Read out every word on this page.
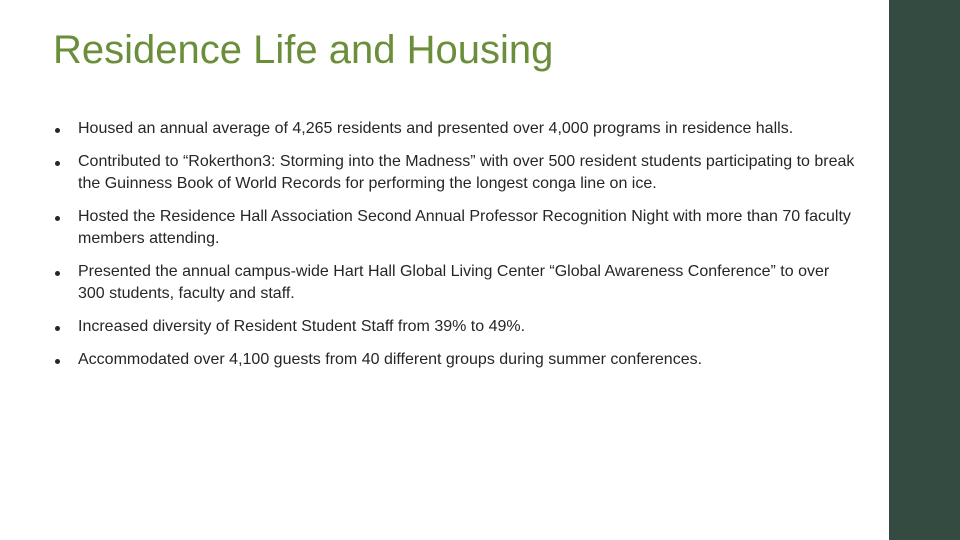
Residence Life and Housing
Housed an annual average of 4,265 residents and presented over 4,000 programs in residence halls.
Contributed to “Rokerthon3: Storming into the Madness” with over 500 resident students participating to break the Guinness Book of World Records for performing the longest conga line on ice.
Hosted the Residence Hall Association Second Annual Professor Recognition Night with more than 70 faculty members attending.
Presented the annual campus-wide Hart Hall Global Living Center “Global Awareness Conference” to over 300 students, faculty and staff.
Increased diversity of Resident Student Staff from 39% to 49%.
Accommodated over 4,100 guests from 40 different groups during summer conferences.
